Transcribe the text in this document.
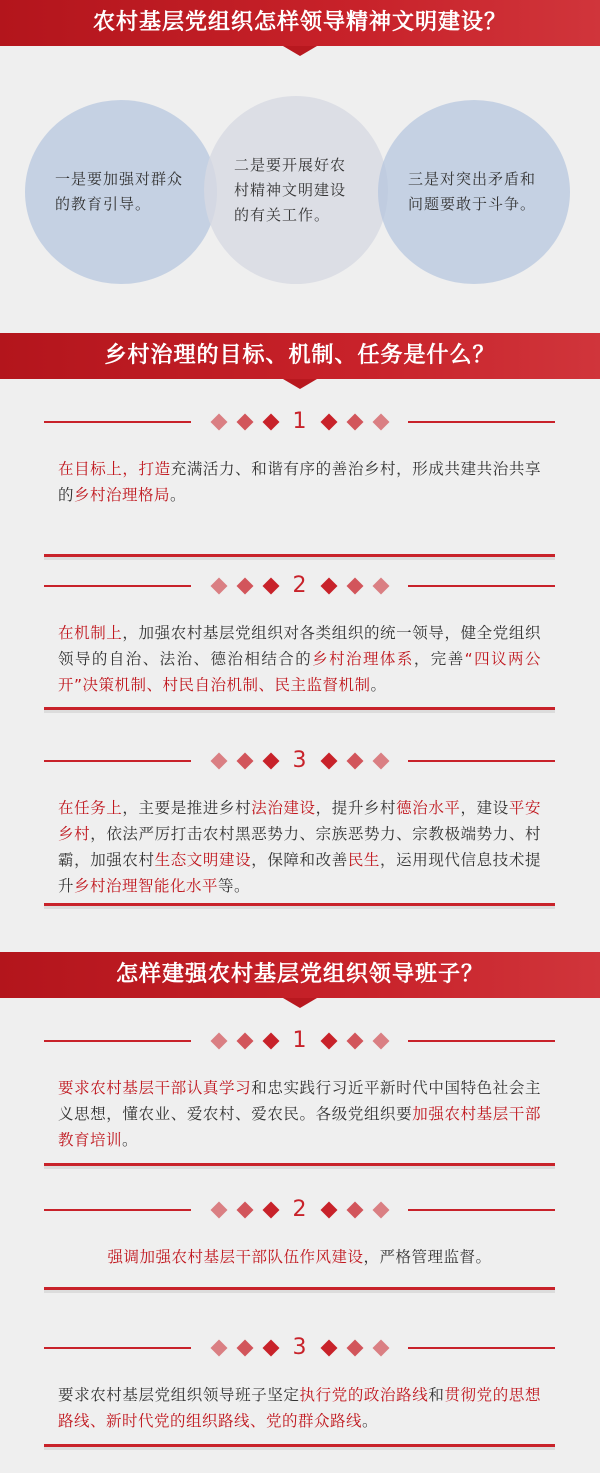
农村基层党组织怎样领导精神文明建设？
一是要加强对群众的教育引导。
二是要开展好农村精神文明建设的有关工作。
三是对突出矛盾和问题要敢于斗争。
乡村治理的目标、机制、任务是什么？
怎样建强农村基层党组织领导班子？
1

在目标上，打造充满活力、和谐有序的善治乡村，形成共建共治共享的乡村治理格局。

2

在机制上，加强农村基层党组织对各类组织的统一领导，健全党组织领导的自治、法治、德治相结合的乡村治理体系，完善“四议两公开”决策机制、村民自治机制、民主监督机制。

3

在任务上，主要是推进乡村法治建设，提升乡村德治水平，建设平安乡村，依法严厉打击农村黑恶势力、宗族恶势力、宗教极端势力、村霸，加强农村生态文明建设，保障和改善民生，运用现代信息技术提升乡村治理智能化水平等。

1

要求农村基层干部认真学习和忠实践行习近平新时代中国特色社会主义思想，懂农业、爱农村、爱农民。各级党组织要加强农村基层干部教育培训。

2

强调加强农村基层干部队伍作风建设，严格管理监督。

3

要求农村基层党组织领导班子坚定执行党的政治路线和贯彻党的思想路线、新时代党的组织路线、党的群众路线。
